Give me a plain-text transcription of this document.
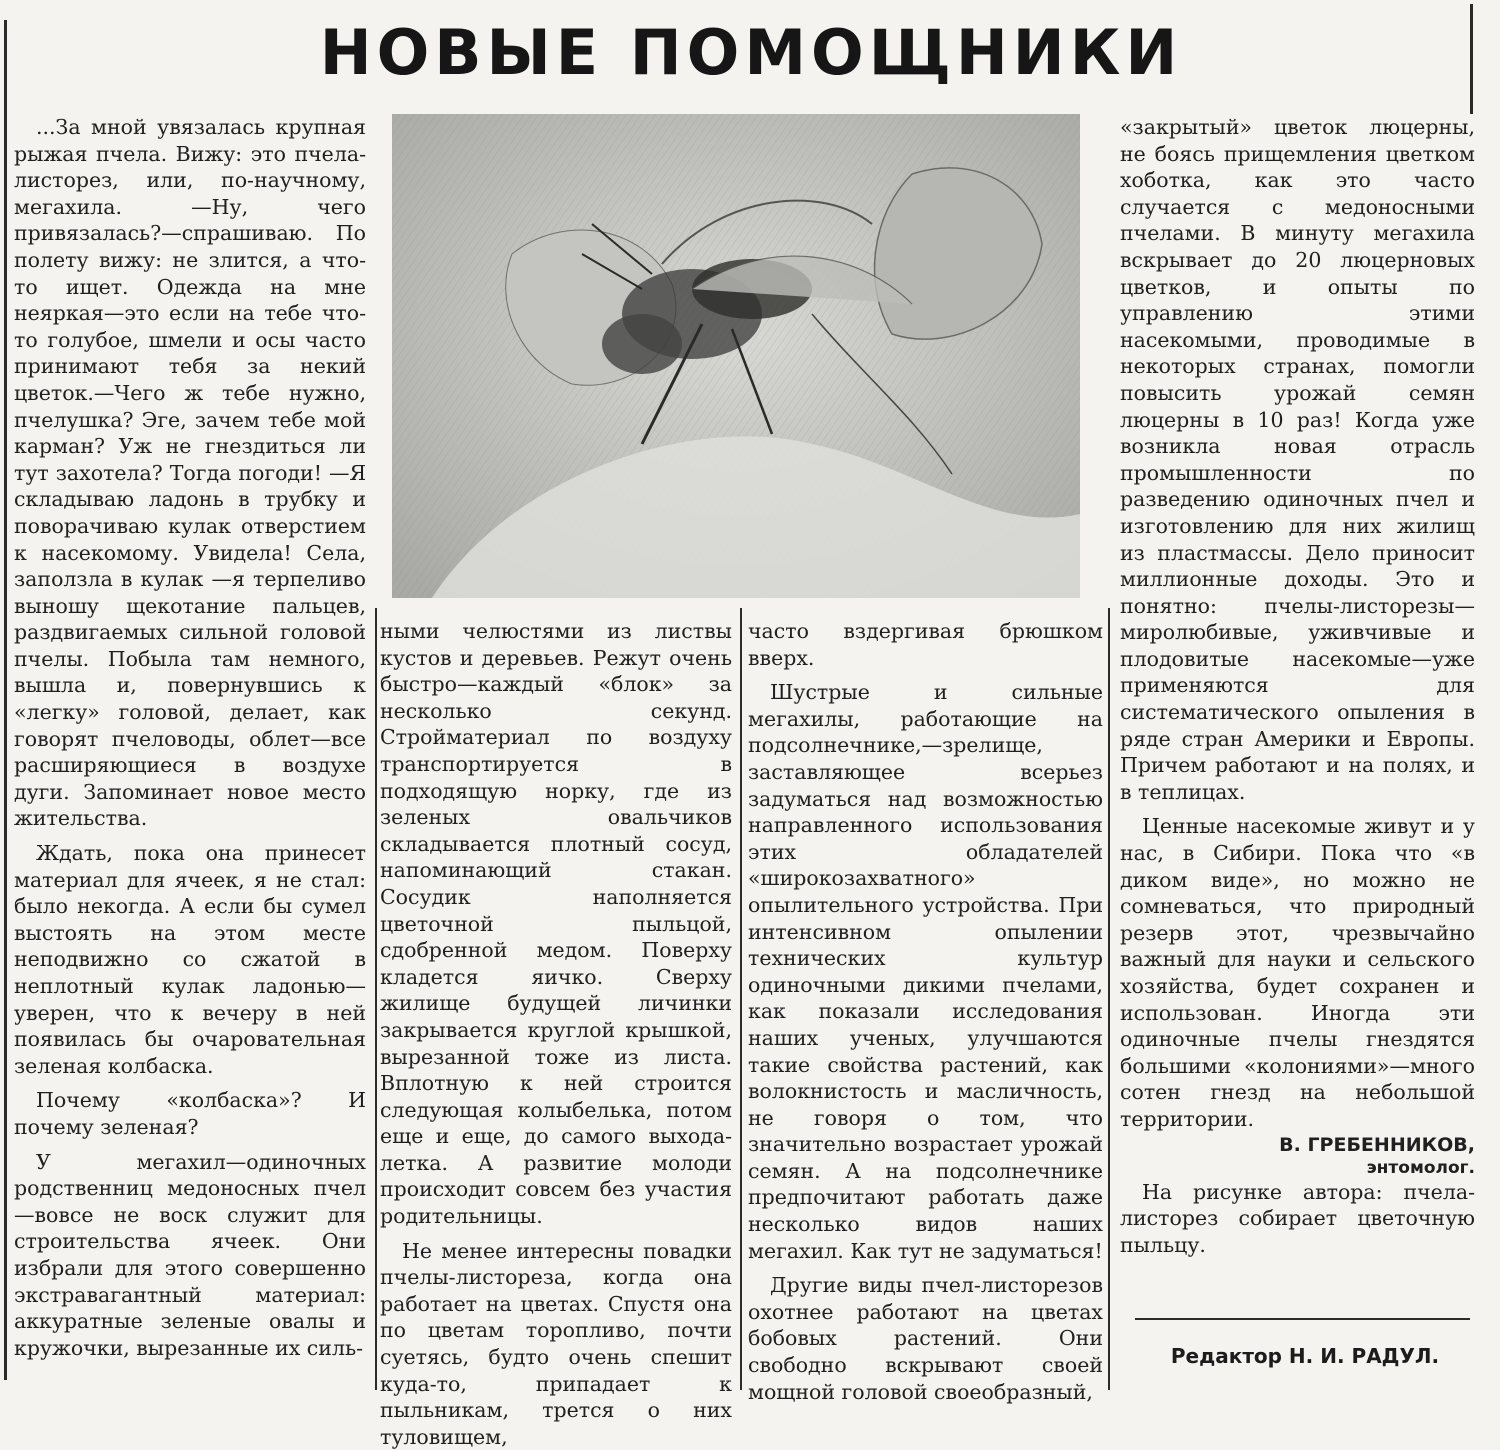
НОВЫЕ ПОМОЩНИКИ

...За мной увязалась крупная рыжая пчела. Вижу: это пчела-листорез, или, по-научному, мегахила. —Ну, чего привязалась?—спрашиваю. По полету вижу: не злится, а что-то ищет. Одежда на мне неяркая—это если на тебе что-то голубое, шмели и осы часто принимают тебя за некий цветок.—Чего ж тебе нужно, пчелушка? Эге, зачем тебе мой карман? Уж не гнездиться ли тут захотела? Тогда погоди! —Я складываю ладонь в трубку и поворачиваю кулак отверстием к насекомому. Увидела! Села, заползла в кулак —я терпеливо выношу щекотание пальцев, раздвигаемых сильной головой пчелы. Побыла там немного, вышла и, повернувшись к «легку» головой, делает, как говорят пчеловоды, облет—все расширяющиеся в воздухе дуги. Запоминает новое место жительства.

Ждать, пока она принесет материал для ячеек, я не стал: было некогда. А если бы сумел выстоять на этом месте неподвижно со сжатой в неплотный кулак ладонью—уверен, что к вечеру в ней появилась бы очаровательная зеленая колбаска.

Почему «колбаска»? И почему зеленая?

У мегахил—одиночных родственниц медоносных пчел—вовсе не воск служит для строительства ячеек. Они избрали для этого совершенно экстравагантный материал: аккуратные зеленые овалы и кружочки, вырезанные их силь-

ными челюстями из листвы кустов и деревьев. Режут очень быстро—каждый «блок» за несколько секунд. Стройматериал по воздуху транспортируется в подходящую норку, где из зеленых овальчиков складывается плотный сосуд, напоминающий стакан. Сосудик наполняется цветочной пыльцой, сдобренной медом. Поверху кладется яичко. Сверху жилище будущей личинки закрывается круглой крышкой, вырезанной тоже из листа. Вплотную к ней строится следующая колыбелька, потом еще и еще, до самого выхода-летка. А развитие молоди происходит совсем без участия родительницы.

Не менее интересны повадки пчелы-листореза, когда она работает на цветах. Спустя она по цветам торопливо, почти суетясь, будто очень спешит куда-то, припадает к пыльникам, трется о них туловищем,

часто вздергивая брюшком вверх.

Шустрые и сильные мегахилы, работающие на подсолнечнике,—зрелище, заставляющее всерьез задуматься над возможностью направленного использования этих обладателей «широкозахватного» опылительного устройства. При интенсивном опылении технических культур одиночными дикими пчелами, как показали исследования наших ученых, улучшаются такие свойства растений, как волокнистость и масличность, не говоря о том, что значительно возрастает урожай семян. А на подсолнечнике предпочитают работать даже несколько видов наших мегахил. Как тут не задуматься!

Другие виды пчел-листорезов охотнее работают на цветах бобовых растений. Они свободно вскрывают своей мощной головой своеобразный,

«закрытый» цветок люцерны, не боясь прищемления цветком хоботка, как это часто случается с медоносными пчелами. В минуту мегахила вскрывает до 20 люцерновых цветков, и опыты по управлению этими насекомыми, проводимые в некоторых странах, помогли повысить урожай семян люцерны в 10 раз! Когда уже возникла новая отрасль промышленности по разведению одиночных пчел и изготовлению для них жилищ из пластмассы. Дело приносит миллионные доходы. Это и понятно: пчелы-листорезы—миролюбивые, уживчивые и плодовитые насекомые—уже применяются для систематического опыления в ряде стран Америки и Европы. Причем работают и на полях, и в теплицах.

Ценные насекомые живут и у нас, в Сибири. Пока что «в диком виде», но можно не сомневаться, что природный резерв этот, чрезвычайно важный для науки и сельского хозяйства, будет сохранен и использован. Иногда эти одиночные пчелы гнездятся большими «колониями»—много сотен гнезд на небольшой территории.

В. ГРЕБЕННИКОВ,

энтомолог.

На рисунке автора: пчела-листорез собирает цветочную пыльцу.

Редактор Н. И. РАДУЛ.
